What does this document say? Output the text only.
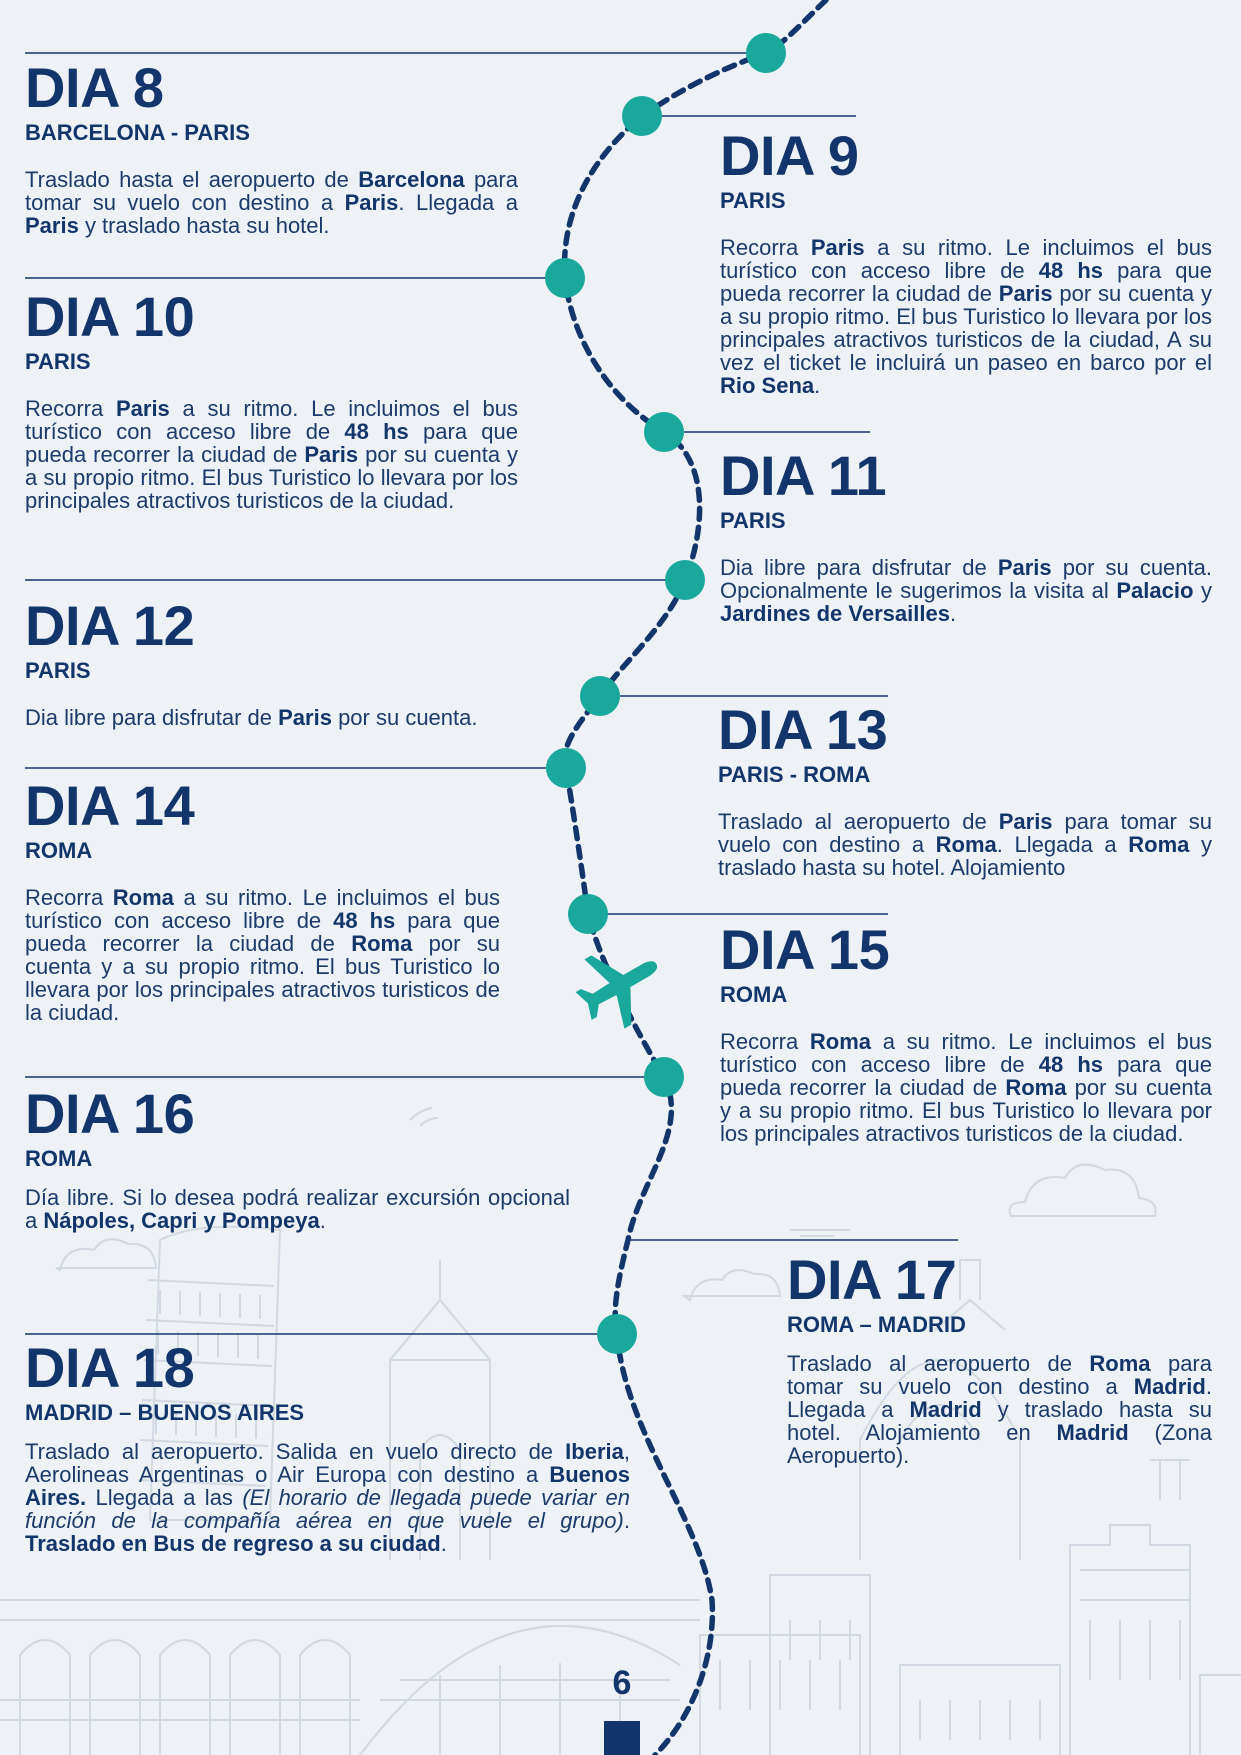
DIA 8
BARCELONA - PARIS

Traslado hasta el aeropuerto de Barcelona para tomar su vuelo con destino a Paris. Llegada a Paris y traslado hasta su hotel.

DIA 9
PARIS

Recorra Paris a su ritmo. Le incluimos el bus turístico con acceso libre de 48 hs para que pueda recorrer la ciudad de Paris por su cuenta y a su propio ritmo. El bus Turistico lo llevara por los principales atractivos turisticos de la ciudad, A su vez el ticket le incluirá un paseo en barco por el Rio Sena.

DIA 10
PARIS

Recorra Paris a su ritmo. Le incluimos el bus turístico con acceso libre de 48 hs para que pueda recorrer la ciudad de Paris por su cuenta y a su propio ritmo. El bus Turistico lo llevara por los principales atractivos turisticos de la ciudad.	DIA 11
PARIS

Dia libre para disfrutar de Paris por su cuenta. Opcionalmente le sugerimos la visita al Palacio y Jardines de Versailles.

DIA 12
PARIS

Dia libre para disfrutar de Paris por su cuenta.	DIA 13
PARIS - ROMA

Traslado al aeropuerto de Paris para tomar su vuelo con destino a Roma. Llegada a Roma y traslado hasta su hotel. Alojamiento

DIA 14
ROMA

Recorra Roma a su ritmo. Le incluimos el bus turístico con acceso libre de 48 hs para que pueda recorrer la ciudad de Roma por su cuenta y a su propio ritmo. El bus Turistico lo llevara por los principales atractivos turisticos de la ciudad.

DIA 15
ROMA

Recorra Roma a su ritmo. Le incluimos el bus turístico con acceso libre de 48 hs para que pueda recorrer la ciudad de Roma por su cuenta y a su propio ritmo. El bus Turistico lo llevara por los principales atractivos turisticos de la ciudad.

DIA 16
ROMA

Día libre. Si lo desea podrá realizar excursión opcional a Nápoles, Capri y Pompeya.

DIA 17
ROMA – MADRID

Traslado al aeropuerto de Roma para tomar su vuelo con destino a Madrid. Llegada a Madrid y traslado hasta su hotel. Alojamiento en Madrid (Zona Aeropuerto).

DIA 18
MADRID – BUENOS AIRES

Traslado al aeropuerto. Salida en vuelo directo de Iberia, Aerolineas Argentinas o Air Europa con destino a Buenos Aires. Llegada a las (El horario de llegada puede variar en función de la compañía aérea en que vuele el grupo). Traslado en Bus de regreso a su ciudad.

6
